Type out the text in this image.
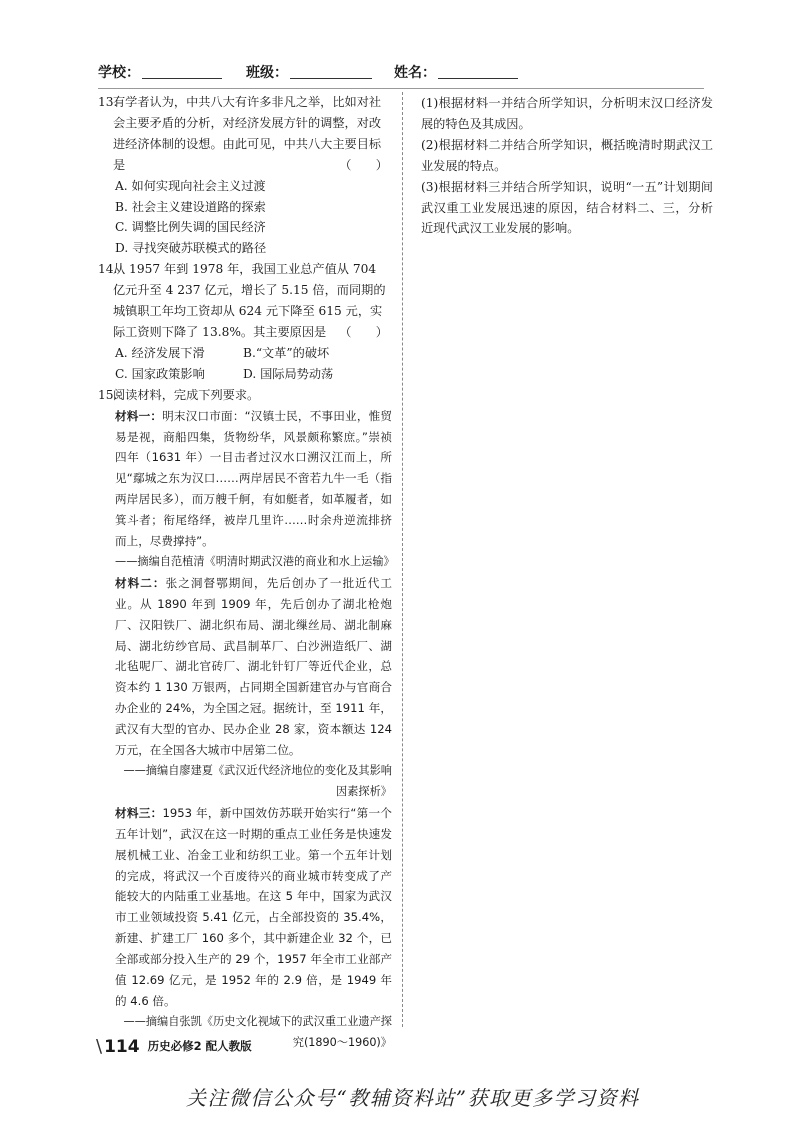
学校：	班级：	姓名：

13.有学者认为，中共八大有许多非凡之举，比如对社会主要矛盾的分析，对经济发展方针的调整，对改进经济体制的设想。由此可见，中共八大主要目标是	（　　）

A. 如何实现向社会主义过渡

B. 社会主义建设道路的探索

C. 调整比例失调的国民经济

D. 寻找突破苏联模式的路径

14.从 1957 年到 1978 年，我国工业总产值从 704 亿元升至 4 237 亿元，增长了 5.15 倍，而同期的城镇职工年均工资却从 624 元下降至 615 元，实际工资则下降了 13.8%。其主要原因是 （　　）

A. 经济发展下滑	B.“文革”的破坏
C. 国家政策影响	D. 国际局势动荡

15.阅读材料，完成下列要求。

材料一：明末汉口市面：“汉镇士民，不事田业，惟贸易是视，商船四集，货物纷华，风景颇称繁庶。”崇祯四年（1631 年）一目击者过汉水口溯汉江而上，所见“鄢城之东为汉口……两岸居民不啻若九牛一毛（指两岸居民多），而万艘千舸，有如艇者，如革履者，如箕斗者；衔尾络绎，被岸几里许……时余舟逆流排挤而上，尽费撑持”。

——摘编自范植清《明清时期武汉港的商业和水上运输》

材料二：张之洞督鄂期间，先后创办了一批近代工业。从 1890 年到 1909 年，先后创办了湖北枪炮厂、汉阳铁厂、湖北织布局、湖北缫丝局、湖北制麻局、湖北纺纱官局、武昌制革厂、白沙洲造纸厂、湖北毡呢厂、湖北官砖厂、湖北针钉厂等近代企业，总资本约 1 130 万银两，占同期全国新建官办与官商合办企业的 24%，为全国之冠。据统计，至 1911 年，武汉有大型的官办、民办企业 28 家，资本额达 124 万元，在全国各大城市中居第二位。

——摘编自廖建夏《武汉近代经济地位的变化及其影响因素探析》

材料三：1953 年，新中国效仿苏联开始实行“第一个五年计划”，武汉在这一时期的重点工业任务是快速发展机械工业、冶金工业和纺织工业。第一个五年计划的完成，将武汉一个百废待兴的商业城市转变成了产能较大的内陆重工业基地。在这 5 年中，国家为武汉市工业领域投资 5.41 亿元，占全部投资的 35.4%，新建、扩建工厂 160 多个，其中新建企业 32 个，已全部或部分投入生产的 29 个，1957 年全市工业部产值 12.69 亿元，是 1952 年的 2.9 倍，是 1949 年的 4.6 倍。

——摘编自张凯《历史文化视域下的武汉重工业遗产探究(1890～1960)》

(1)根据材料一并结合所学知识，分析明末汉口经济发展的特色及其成因。

(2)根据材料二并结合所学知识，概括晚清时期武汉工业发展的特点。

(3)根据材料三并结合所学知识，说明“一五”计划期间武汉重工业发展迅速的原因，结合材料二、三，分析近现代武汉工业发展的影响。

\ 114 历史必修2 配人教版
关注微信公众号“教辅资料站”获取更多学习资料
